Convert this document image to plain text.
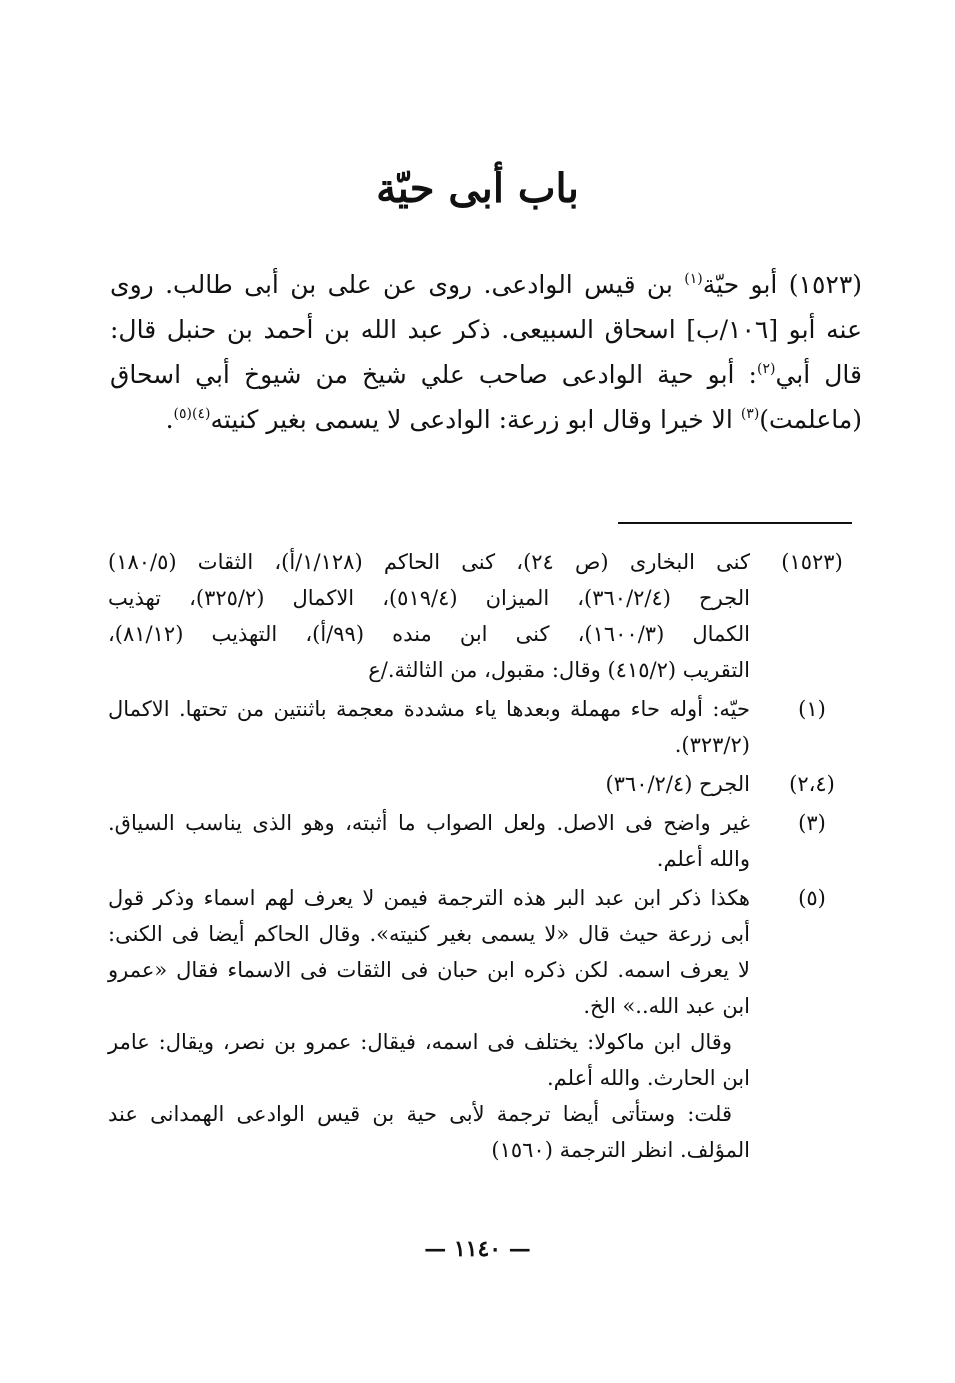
باب أبى حيّة
(١٥٢٣) أبو حيّة$^{(١)}$ بن قيس الوادعى. روى عن على بن أبى طالب. روى
عنه أبو [١٠٦/ب] اسحاق السبيعى. ذكر عبد الله بن أحمد بن حنبل قال:
قال أبي$^{(٢)}$: أبو حية الوادعى صاحب علي شيخ من شيوخ أبي اسحاق
(ماعلمت)$^{(٣)}$ الا خيرا وقال ابو زرعة: الوادعى لا يسمى بغير كنيته$^{(٤)(٥)}$.
(١٥٢٣)
كنى البخارى (ص ٢٤)، كنى الحاكم (١/١٢٨/أ)، الثقات (١٨٠/٥)
الجرح (٣٦٠/٢/٤)، الميزان (٥١٩/٤)، الاكمال (٣٢٥/٢)، تهذيب
الكمال (١٦٠٠/٣)، كنى ابن منده (٩٩/أ)، التهذيب (٨١/١٢)،
التقريب (٤١٥/٢) وقال: مقبول، من الثالثة./ع
(١)
حيّه: أوله حاء مهملة وبعدها ياء مشددة معجمة باثنتين من تحتها. الاكمال
(٣٢٣/٢).
(٢،٤)
الجرح (٣٦٠/٢/٤)
(٣)
غير واضح فى الاصل. ولعل الصواب ما أثبته، وهو الذى يناسب السياق.
والله أعلم.
(٥)
هكذا ذكر ابن عبد البر هذه الترجمة فيمن لا يعرف لهم اسماء وذكر قول
أبى زرعة حيث قال «لا يسمى بغير كنيته». وقال الحاكم أيضا فى الكنى:
لا يعرف اسمه. لكن ذكره ابن حبان فى الثقات فى الاسماء فقال «عمرو
ابن عبد الله..» الخ.
وقال ابن ماكولا: يختلف فى اسمه، فيقال: عمرو بن نصر، ويقال: عامر
ابن الحارث. والله أعلم.
قلت: وستأتى أيضا ترجمة لأبى حية بن قيس الوادعى الهمدانى عند
المؤلف. انظر الترجمة (١٥٦٠)
— ١١٤٠ —
